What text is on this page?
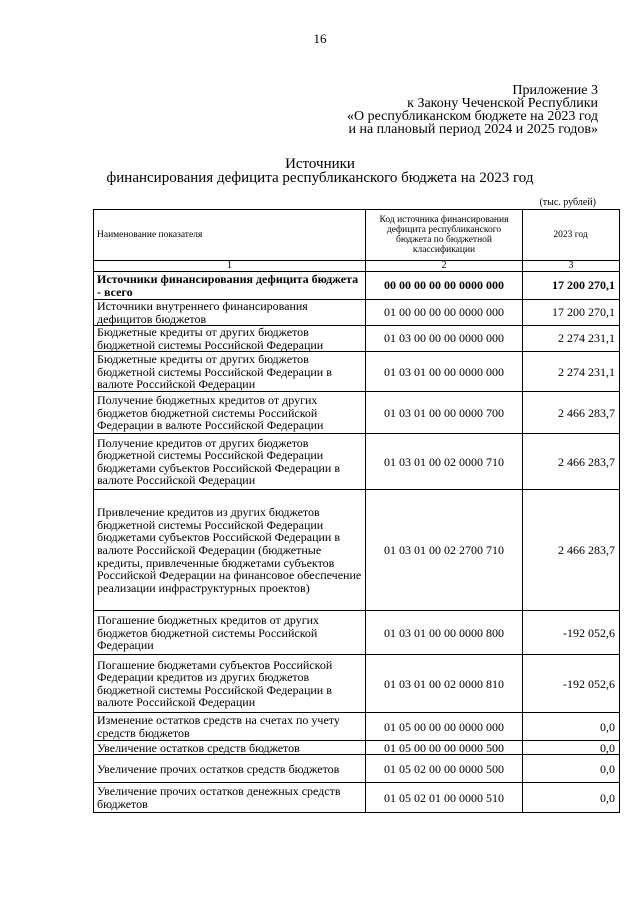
16
Приложение 3
к Закону Чеченской Республики
«О республиканском бюджете на 2023 год
и на плановый период 2024 и 2025 годов»
Источники
финансирования дефицита республиканского бюджета на 2023 год
(тыс. рублей)
Наименование показателя	Код источника финансирования дефицита республиканского бюджета по бюджетной классификации	2023 год
1	2	3
Источники финансирования дефицита бюджета - всего	00 00 00 00 00 0000 000	17 200 270,1
Источники внутреннего финансирования дефицитов бюджетов	01 00 00 00 00 0000 000	17 200 270,1
Бюджетные кредиты от других бюджетов бюджетной системы Российской Федерации	01 03 00 00 00 0000 000	2 274 231,1
Бюджетные кредиты от других бюджетов бюджетной системы Российской Федерации в валюте Российской Федерации	01 03 01 00 00 0000 000	2 274 231,1
Получение бюджетных кредитов от других бюджетов бюджетной системы Российской Федерации в валюте Российской Федерации	01 03 01 00 00 0000 700	2 466 283,7
Получение кредитов от других бюджетов бюджетной системы Российской Федерации бюджетами субъектов Российской Федерации в валюте Российской Федерации	01 03 01 00 02 0000 710	2 466 283,7
Привлечение кредитов из других бюджетов бюджетной системы Российской Федерации бюджетами субъектов Российской Федерации в валюте Российской Федерации (бюджетные кредиты, привлеченные бюджетами субъектов Российской Федерации на финансовое обеспечение реализации инфраструктурных проектов)	01 03 01 00 02 2700 710	2 466 283,7
Погашение бюджетных кредитов от других бюджетов бюджетной системы Российской Федерации	01 03 01 00 00 0000 800	-192 052,6
Погашение бюджетами субъектов Российской Федерации кредитов из других бюджетов бюджетной системы Российской Федерации в валюте Российской Федерации	01 03 01 00 02 0000 810	-192 052,6
Изменение остатков средств на счетах по учету средств бюджетов	01 05 00 00 00 0000 000	0,0
Увеличение остатков средств бюджетов	01 05 00 00 00 0000 500	0,0
Увеличение прочих остатков средств бюджетов	01 05 02 00 00 0000 500	0,0
Увеличение прочих остатков денежных средств бюджетов	01 05 02 01 00 0000 510	0,0
